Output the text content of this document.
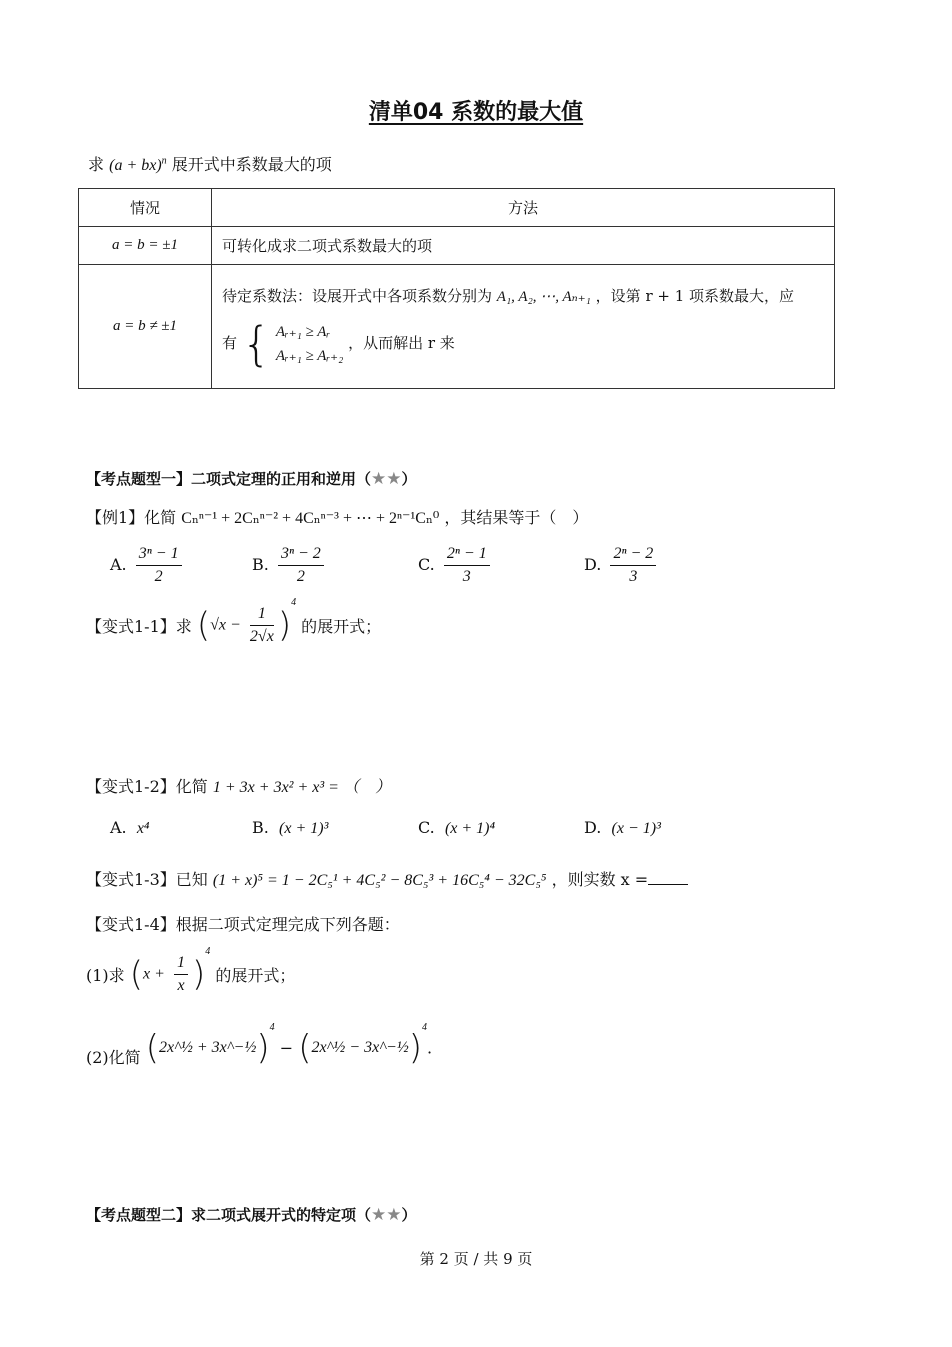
清单04 系数的最大值
求 (a + bx)$^n$ 展开式中系数最大的项
情况	方法
a = b = ±1	可转化成求二项式系数最大的项
a = b ≠ ±1	待定系数法：设展开式中各项系数分别为 A₁, A₂, ⋯, Aₙ₊₁ ，设第 r + 1 项系数最大，应
有 { Aᵣ₊₁ ≥ Aᵣ
Aᵣ₊₁ ≥ Aᵣ₊₂
，从而解出 r 来
【考点题型一】二项式定理的正用和逆用（★★）
【例1】化简 Cₙⁿ⁻¹ + 2Cₙⁿ⁻² + 4Cₙⁿ⁻³ + ⋯ + 2ⁿ⁻¹Cₙ⁰ ，其结果等于（　）
A. $\frac{\text{3ⁿ − 1}}{2}$	B. $\frac{\text{3ⁿ − 2}}{2}$	C. $\frac{\text{2ⁿ − 1}}{3}$	D. $\frac{\text{2ⁿ − 2}}{3}$
【变式1-1】求 $(√x - \frac{1}{2√x} )^4$ 的展开式；
【变式1-2】化简 1 + 3x + 3x² + x³ = （　）
A. x⁴	B. (x + 1)³	C. (x + 1)⁴	D. (x − 1)³
【变式1-3】已知 (1 + x)⁵ = 1 − 2C₅¹ + 4C₅² − 8C₅³ + 16C₅⁴ − 32C₅⁵ ，则实数 x =
【变式1-4】根据二项式定理完成下列各题：
(1)求 $(x + \frac{1}{x} )^4$ 的展开式；
(2)化简 (2x^½ + 3x^−½)$^4$ − (2x^½ − 3x^−½)$^4$.
【考点题型二】求二项式展开式的特定项（★★）
第 2 页 / 共 9 页
